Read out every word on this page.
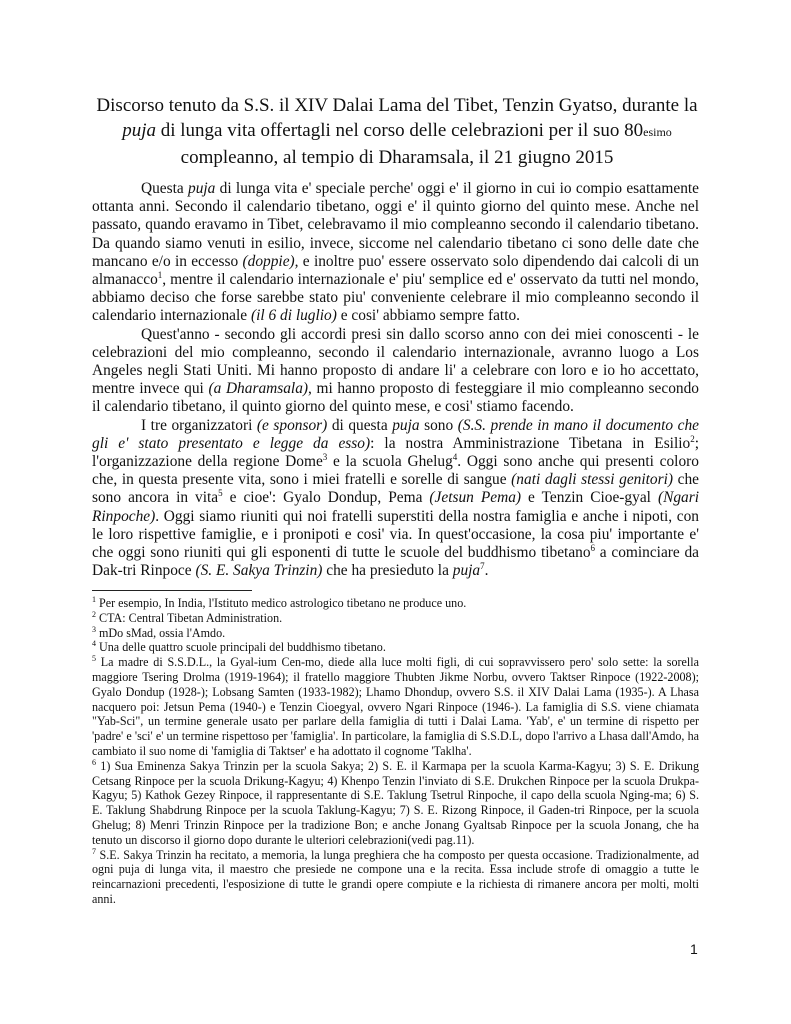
Discorso tenuto da S.S. il XIV Dalai Lama del Tibet, Tenzin Gyatso, durante la
puja di lunga vita offertagli nel corso delle celebrazioni per il suo 80esimo
compleanno, al tempio di Dharamsala, il 21 giugno 2015

Questa puja di lunga vita e' speciale perche' oggi e' il giorno in cui io compio esattamente ottanta anni. Secondo il calendario tibetano, oggi e' il quinto giorno del quinto mese. Anche nel passato, quando eravamo in Tibet, celebravamo il mio compleanno secondo il calendario tibetano. Da quando siamo venuti in esilio, invece, siccome nel calendario tibetano ci sono delle date che mancano e/o in eccesso (doppie), e inoltre puo' essere osservato solo dipendendo dai calcoli di un almanacco$^1$, mentre il calendario internazionale e' piu' semplice ed e' osservato da tutti nel mondo, abbiamo deciso che forse sarebbe stato piu' conveniente celebrare il mio compleanno secondo il calendario internazionale (il 6 di luglio) e cosi' abbiamo sempre fatto.

Quest'anno - secondo gli accordi presi sin dallo scorso anno con dei miei conoscenti - le celebrazioni del mio compleanno, secondo il calendario internazionale, avranno luogo a Los Angeles negli Stati Uniti. Mi hanno proposto di andare li' a celebrare con loro e io ho accettato, mentre invece qui (a Dharamsala), mi hanno proposto di festeggiare il mio compleanno secondo il calendario tibetano, il quinto giorno del quinto mese, e cosi' stiamo facendo.

I tre organizzatori (e sponsor) di questa puja sono (S.S. prende in mano il documento che gli e' stato presentato e legge da esso): la nostra Amministrazione Tibetana in Esilio$^2$; l'organizzazione della regione Dome$^3$ e la scuola Ghelug$^4$. Oggi sono anche qui presenti coloro che, in questa presente vita, sono i miei fratelli e sorelle di sangue (nati dagli stessi genitori) che sono ancora in vita$^5$ e cioe': Gyalo Dondup, Pema (Jetsun Pema) e Tenzin Cioe-gyal (Ngari Rinpoche). Oggi siamo riuniti qui noi fratelli superstiti della nostra famiglia e anche i nipoti, con le loro rispettive famiglie, e i pronipoti e cosi' via. In quest'occasione, la cosa piu' importante e' che oggi sono riuniti qui gli esponenti di tutte le scuole del buddhismo tibetano$^6$ a cominciare da Dak-tri Rinpoce (S. E. Sakya Trinzin) che ha presieduto la puja$^7$.

$^1$ Per esempio, In India, l'Istituto medico astrologico tibetano ne produce uno.
$^2$ CTA: Central Tibetan Administration.
$^3$ mDo sMad, ossia l'Amdo.
$^4$ Una delle quattro scuole principali del buddhismo tibetano.
$^5$ La madre di S.S.D.L., la Gyal-ium Cen-mo, diede alla luce molti figli, di cui sopravvissero pero' solo sette: la sorella maggiore Tsering Drolma (1919-1964); il fratello maggiore Thubten Jikme Norbu, ovvero Taktser Rinpoce (1922-2008); Gyalo Dondup (1928-); Lobsang Samten (1933-1982); Lhamo Dhondup, ovvero S.S. il XIV Dalai Lama (1935-). A Lhasa nacquero poi: Jetsun Pema (1940-) e Tenzin Cioegyal, ovvero Ngari Rinpoce (1946-). La famiglia di S.S. viene chiamata "Yab-Sci", un termine generale usato per parlare della famiglia di tutti i Dalai Lama. 'Yab', e' un termine di rispetto per 'padre' e 'sci' e' un termine rispettoso per 'famiglia'. In particolare, la famiglia di S.S.D.L, dopo l'arrivo a Lhasa dall'Amdo, ha cambiato il suo nome di 'famiglia di Taktser' e ha adottato il cognome 'Taklha'.
$^6$ 1) Sua Eminenza Sakya Trinzin per la scuola Sakya; 2) S. E. il Karmapa per la scuola Karma-Kagyu; 3) S. E. Drikung Cetsang Rinpoce per la scuola Drikung-Kagyu; 4) Khenpo Tenzin l'inviato di S.E. Drukchen Rinpoce per la scuola Drukpa-Kagyu; 5) Kathok Gezey Rinpoce, il rappresentante di S.E. Taklung Tsetrul Rinpoche, il capo della scuola Nging-ma; 6) S. E. Taklung Shabdrung Rinpoce per la scuola Taklung-Kagyu; 7) S. E. Rizong Rinpoce, il Gaden-tri Rinpoce, per la scuola Ghelug; 8) Menri Trinzin Rinpoce per la tradizione Bon; e anche Jonang Gyaltsab Rinpoce per la scuola Jonang, che ha tenuto un discorso il giorno dopo durante le ulteriori celebrazioni(vedi pag.11).
$^7$ S.E. Sakya Trinzin ha recitato, a memoria, la lunga preghiera che ha composto per questa occasione. Tradizionalmente, ad ogni puja di lunga vita, il maestro che presiede ne compone una e la recita. Essa include strofe di omaggio a tutte le reincarnazioni precedenti, l'esposizione di tutte le grandi opere compiute e la richiesta di rimanere ancora per molti, molti anni.
1
